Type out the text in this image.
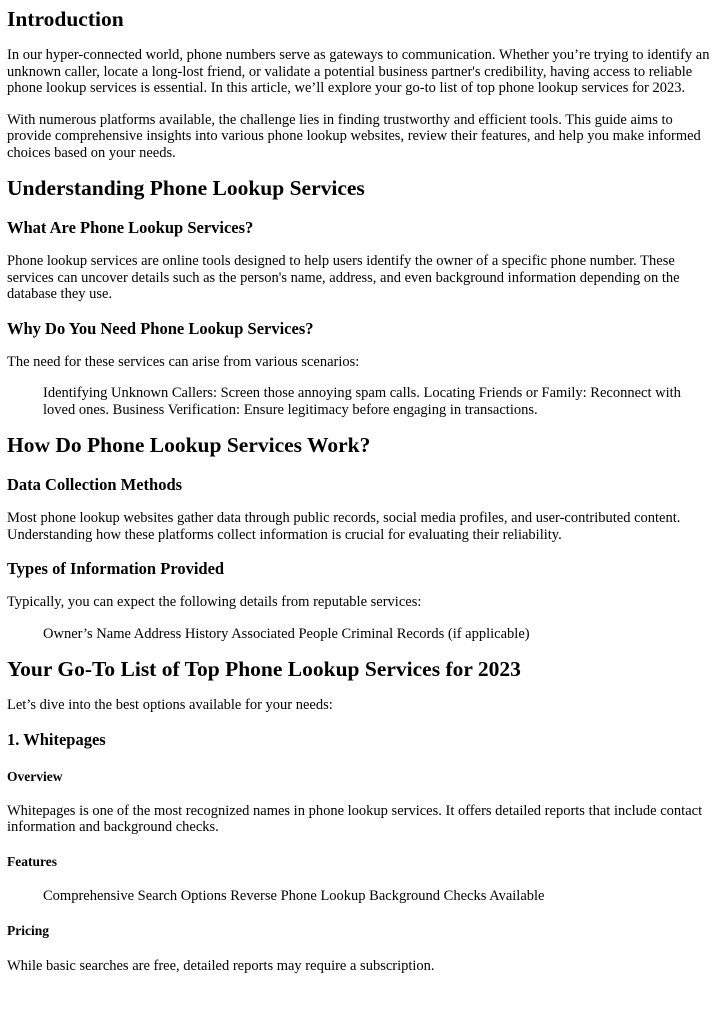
Introduction

In our hyper-connected world, phone numbers serve as gateways to communication. Whether you’re trying to identify an unknown caller, locate a long-lost friend, or validate a potential business partner's credibility, having access to reliable phone lookup services is essential. In this article, we’ll explore your go-to list of top phone lookup services for 2023.

With numerous platforms available, the challenge lies in finding trustworthy and efficient tools. This guide aims to provide comprehensive insights into various phone lookup websites, review their features, and help you make informed choices based on your needs.

Understanding Phone Lookup Services
What Are Phone Lookup Services?

Phone lookup services are online tools designed to help users identify the owner of a specific phone number. These services can uncover details such as the person's name, address, and even background information depending on the database they use.

Why Do You Need Phone Lookup Services?

The need for these services can arise from various scenarios:

Identifying Unknown Callers: Screen those annoying spam calls. Locating Friends or Family: Reconnect with loved ones. Business Verification: Ensure legitimacy before engaging in transactions.

How Do Phone Lookup Services Work?
Data Collection Methods

Most phone lookup websites gather data through public records, social media profiles, and user-contributed content. Understanding how these platforms collect information is crucial for evaluating their reliability.

Types of Information Provided

Typically, you can expect the following details from reputable services:

Owner’s Name Address History Associated People Criminal Records (if applicable)

Your Go-To List of Top Phone Lookup Services for 2023

Let’s dive into the best options available for your needs:

1. Whitepages
Overview

Whitepages is one of the most recognized names in phone lookup services. It offers detailed reports that include contact information and background checks.

Features

Comprehensive Search Options Reverse Phone Lookup Background Checks Available

Pricing

While basic searches are free, detailed reports may require a subscription.
